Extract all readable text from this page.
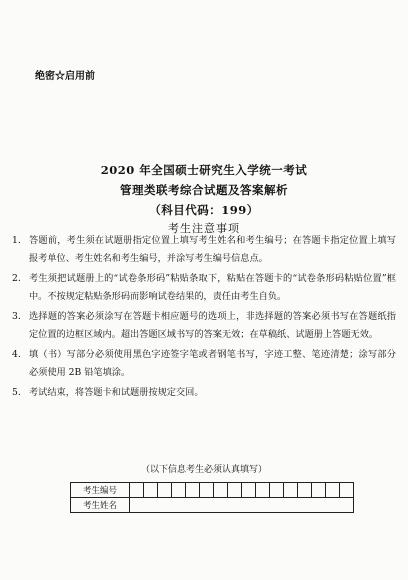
绝密☆启用前
2020 年全国硕士研究生入学统一考试
管理类联考综合试题及答案解析
（科目代码：199）
考生注意事项
1. 答题前，考生须在试题册指定位置上填写考生姓名和考生编号；在答题卡指定位置上填写报考单位、考生姓名和考生编号，并涂写考生编号信息点。
2. 考生须把试题册上的“试卷条形码”粘贴条取下，粘贴在答题卡的“试卷条形码粘贴位置”框中。不按规定粘贴条形码而影响试卷结果的，责任由考生自负。
3. 选择题的答案必须涂写在答题卡相应题号的选项上，非选择题的答案必须书写在答题纸指定位置的边框区域内。超出答题区域书写的答案无效；在草稿纸、试题册上答题无效。
4. 填（书）写部分必须使用黑色字迹签字笔或者钢笔书写，字迹工整、笔迹清楚；涂写部分必须使用 2B 铅笔填涂。
5. 考试结束，将答题卡和试题册按规定交回。
（以下信息考生必须认真填写）
考生编号																
考生姓名																
